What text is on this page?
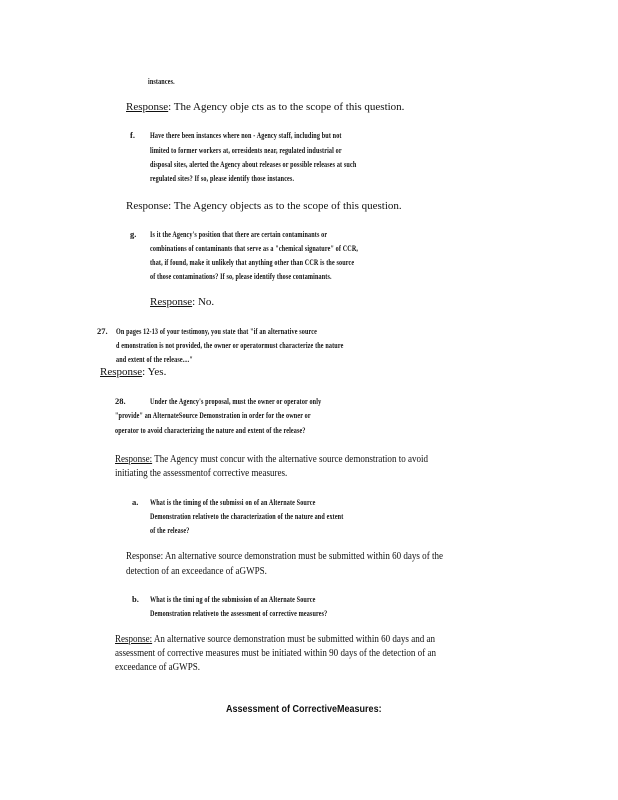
instances.

Response: The Agency obje cts as to the scope of this question.
f. Have there been instances where non - Agency staff, including but not

limited to former workers at, orresidents near, regulated industrial or

disposal sites, alerted the Agency about releases or possible releases at such

regulated sites? If so, please identify those instances.

Response: The Agency objects as to the scope of this question.

g. Is it the Agency's position that there are certain contaminants or

combinations of contaminants that serve as a "chemical signature" of CCR,

that, if found, make it unlikely that anything other than CCR is the source

of those contaminations? If so, please identify those contaminants.

Response: No.
27. On pages 12-13 of your testimony, you state that "if an alternative source

d emonstration is not provided, the owner or operatormust characterize the nature

and extent of the release...."

Response: Yes.
28.	Under the Agency's proposal, must the owner or operator only

"provide" an AlternateSource Demonstration in order for the owner or

operator to avoid characterizing the nature and extent of the release?

Response: The Agency must concur with the alternative source demonstration to avoid

initiating the assessmentof corrective measures.

a. What is the timing of the submissi on of an Alternate Source

Demonstration relativeto the characterization of the nature and extent

of the release?

Response: An alternative source demonstration must be submitted within 60 days of the

detection of an exceedance of aGWPS.

b. What is the timi ng of the submission of an Alternate Source

Demonstration relativeto the assessment of corrective measures?

Response: An alternative source demonstration must be submitted within 60 days and an

assessment of corrective measures must be initiated within 90 days of the detection of an

exceedance of aGWPS.

Assessment of CorrectiveMeasures:
